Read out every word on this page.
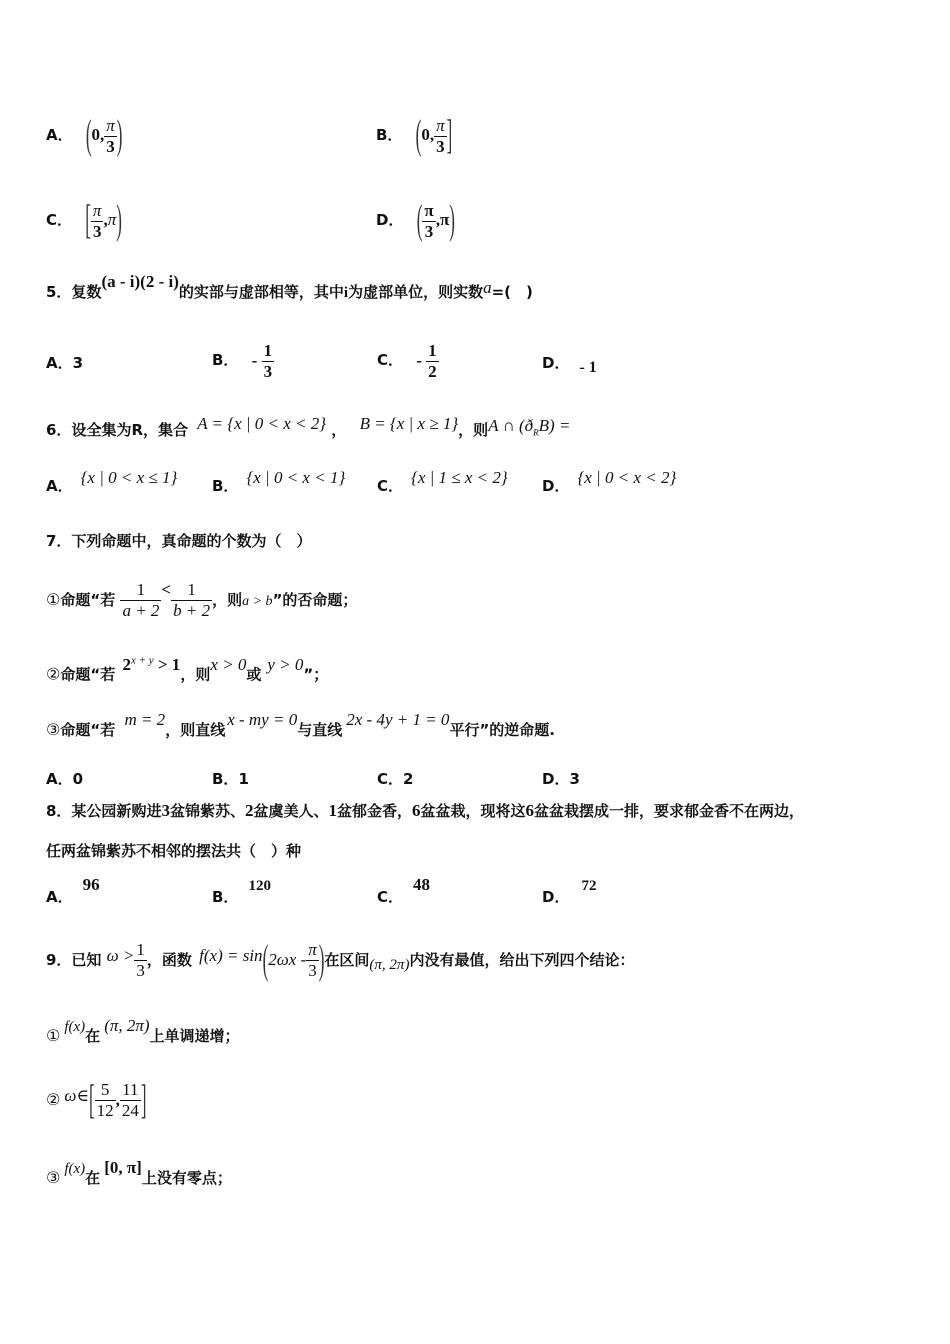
A． (0, $\frac{\pi}{3}$ )	B． (0, $\frac{\pi}{3}$ ]
C． [ $\frac{\pi}{3} ,\pi$)	D． ( $\frac{\pi}{3} ,\pi$)
5．复数(a - i)(2 - i)的实部与虚部相等，其中i为虚部单位，则实数a=(　)
A．3	B． - $\frac{1}{3}$	C． - $\frac{1}{2}$	D． - 1
6．设全集为R，集合 A = {x | 0 < x < 2} ， B = {x | x ≥ 1}，则A ∩ $(ð_RB)$ =
A． {x | 0 < x ≤ 1} B． {x | 0 < x < 1} C． {x | 1 ≤ x < 2} D． {x | 0 < x < 2}
7．下列命题中，真命题的个数为（　）
①命题“若 $\frac{1}{a + 2} < \frac{1}{b + 2}$ ，则a > b”的否命题；
②命题“若 $2^{x + y} > 1$，则x > 0或y > 0”；
③命题“若 m = 2，则直线x - my = 0与直线2x - 4y + 1 = 0平行”的逆命题.
A．0	B．1	C．2	D．3
8．某公园新购进3盆锦紫苏、2盆虞美人、1盆郁金香，6盆盆栽，现将这6盆盆栽摆成一排，要求郁金香不在两边，
任两盆锦紫苏不相邻的摆法共（　）种
A．96
B．120
C．48
D．72
9．已知 $\omega > \frac{1}{3}$ ，函数 $f(x) = \sin(2\omega x - \frac{\pi}{3}$ )在区间(π, 2π)内没有最值，给出下列四个结论：
① f(x)在(π, 2π)上单调递增；
② ω∈[ $\frac{5}{12}$ , $\frac{11}{24}$ ]
③ f(x)在[0, π]上没有零点；
